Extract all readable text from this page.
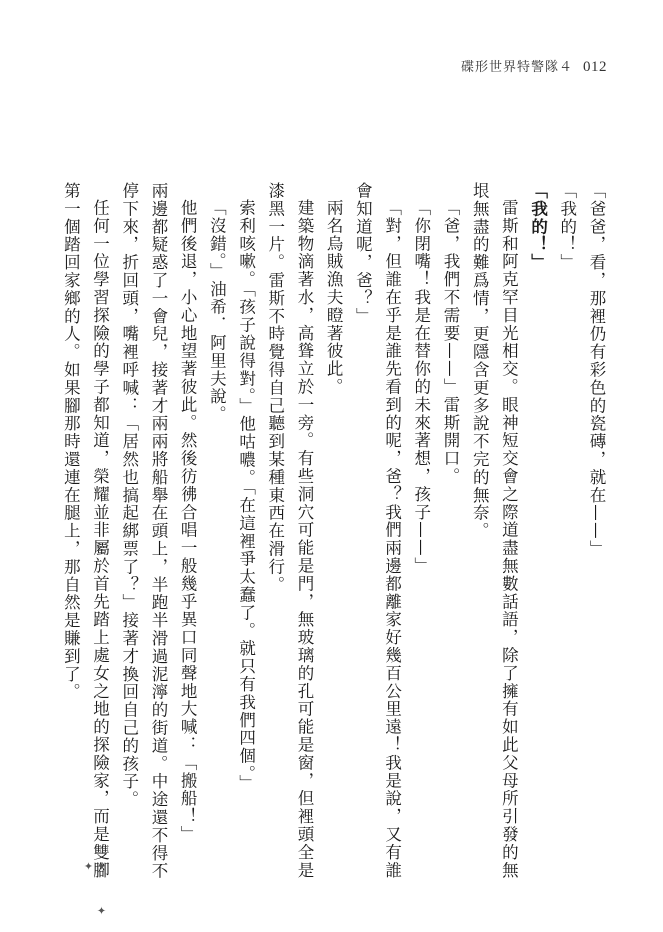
碟形世界特警隊４ 012

「爸爸，看，那裡仍有彩色的瓷磚，就在——」

「我的！」

「我的！」

雷斯和阿克罕目光相交。眼神短交會之際道盡無數話語，除了擁有如此父母所引發的無垠無盡的難爲情，更隱含更多說不完的無奈。

「爸，我們不需要——」雷斯開口。

「你閉嘴！我是在替你的未來著想，孩子——」

「對，但誰在乎是誰先看到的呢，爸？我們兩邊都離家好幾百公里遠！我是說，又有誰會知道呢，爸？」

兩名烏賊漁夫瞪著彼此。

建築物滴著水，高聳立於一旁。有些洞穴可能是門，無玻璃的孔可能是窗，但裡頭全是漆黑一片。雷斯不時覺得自己聽到某種東西在滑行。

索利咳嗽。「孩子說得對。」他咕噥。「在這裡爭太蠢了。就只有我們四個。」

「沒錯。」油希．阿里夫說。

他們後退，小心地望著彼此。然後彷彿合唱一般幾乎異口同聲地大喊：「搬船！」

兩邊都疑惑了一會兒，接著才兩兩將船舉在頭上，半跑半滑過泥濘的街道。中途還不得不停下來，折回頭，嘴裡呼喊：「居然也搞起綁票了？」接著才換回自己的孩子。

任何一位學習探險的學子都知道，榮耀並非屬於首先踏上處女之地的探險家，而是雙腳第一個踏回家鄉的人。如果腳那時還連在腿上，那自然是賺到了。

✦ ✦ ✦
